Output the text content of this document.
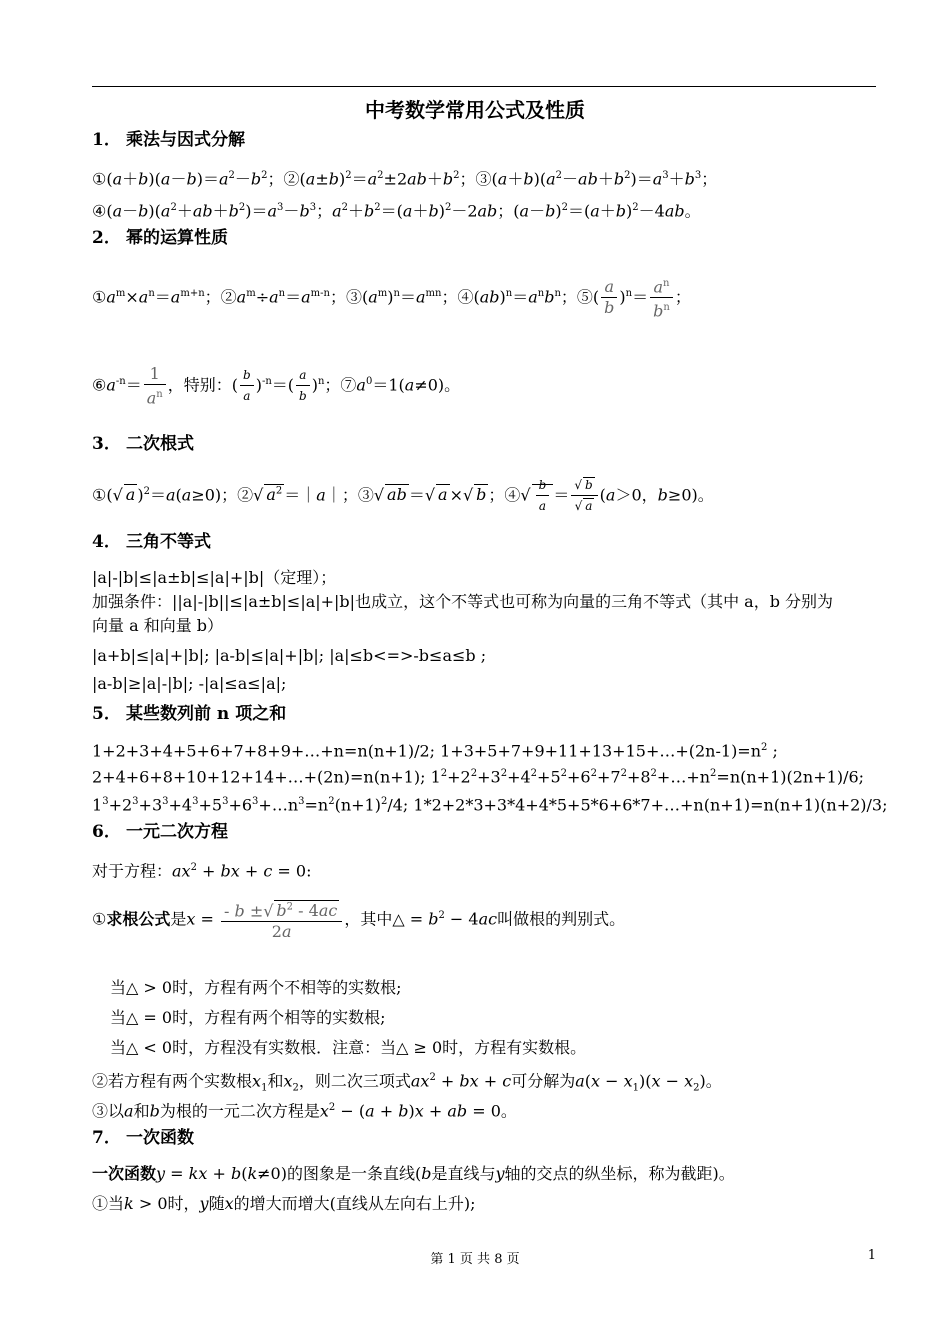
中考数学常用公式及性质
1． 乘法与因式分解
$①(a+b)(a-b)=a^2-b^2$；$②(a\pm b)^2=a^2\pm 2ab+b^2$；$③(a+b)(a^2-ab+b^2)=a^3+b^3$；
$④(a-b)(a^2+ab+b^2)=a^3-b^3$；$a^2+b^2=(a+b)^2-2ab$；$(a-b)^2=(a+b)^2-4ab$。
2． 幂的运算性质
$①a^m\times a^n=a^{m+n}$；$②a^m\div a^n=a^{m-n}$；$③(a^m)^n=a^{mn}$；$④(ab)^n=a^nb^n$；⑤( $\frac{a}{b} )^n= \frac{a^n}{b^n}$ ；
$⑥a^{-n}= \frac{1}{a^n}$ ，特别：( $\frac{b}{a} )^{-n}=( \frac{a}{b} )^n$；$⑦a^0=1(a\ne 0)$。
3． 二次根式
①(√ a )$^2$＝a(a≥0)；②√ $a^2$ ＝｜a｜；③√ ab ＝√ a ×√ b ；④√ $\frac{b}{a} = \frac{√ b}{√ a} (a>0$，b≥0)。
4． 三角不等式
|a|-|b|≤|a±b|≤|a|+|b|（定理）；
加强条件：||a|-|b||≤|a±b|≤|a|+|b|也成立，这个不等式也可称为向量的三角不等式（其中 a，b 分别为
向量 a 和向量 b）
|a+b|≤|a|+|b|; |a-b|≤|a|+|b|; |a|≤b<=>-b≤a≤b ;
|a-b|≥|a|-|b|; -|a|≤a≤|a|;
5． 某些数列前 n 项之和
1+2+3+4+5+6+7+8+9+…+n=n(n+1)/2; $1+3+5+7+9+11+13+15+\dots+(2n-1)=n^2$ ;
2+4+6+8+10+12+14+…+(2n)=n(n+1); $1^2+2^2+3^2+4^2+5^2+6^2+7^2+8^2+\dots+n^2=n(n+1)(2n+1)/6$;
$1^3+2^3+3^3+4^3+5^3+6^3+\dots n^3=n^2(n+1)^2/4$; 1*2+2*3+3*4+4*5+5*6+6*7+…+n(n+1)=n(n+1)(n+2)/3;
6． 一元二次方程
对于方程：$ax^2$ + bx + c = 0:
①求根公式是$x = \frac{- b \pm√ b^2 - 4ac}{2a}$ ，其中△ = $b^2 - 4ac$叫做根的判别式。
当△ > 0时，方程有两个不相等的实数根;
当△ = 0时，方程有两个相等的实数根;
当△ < 0时，方程没有实数根．注意：当△ ≥ 0时，方程有实数根。
②若方程有两个实数根$x_1$和$x_2$，则二次三项式$ax^2$ + bx + c可分解为$a(x - x_1)(x - x_2)$。
③以a和b为根的一元二次方程是$x^2 - (a + b)x$ + ab = 0。
7． 一次函数
一次函数y = kx + b(k≠0)的图象是一条直线(b是直线与y轴的交点的纵坐标，称为截距)。
①当k > 0时，y随x的增大而增大(直线从左向右上升);
第 1 页 共 8 页	1
